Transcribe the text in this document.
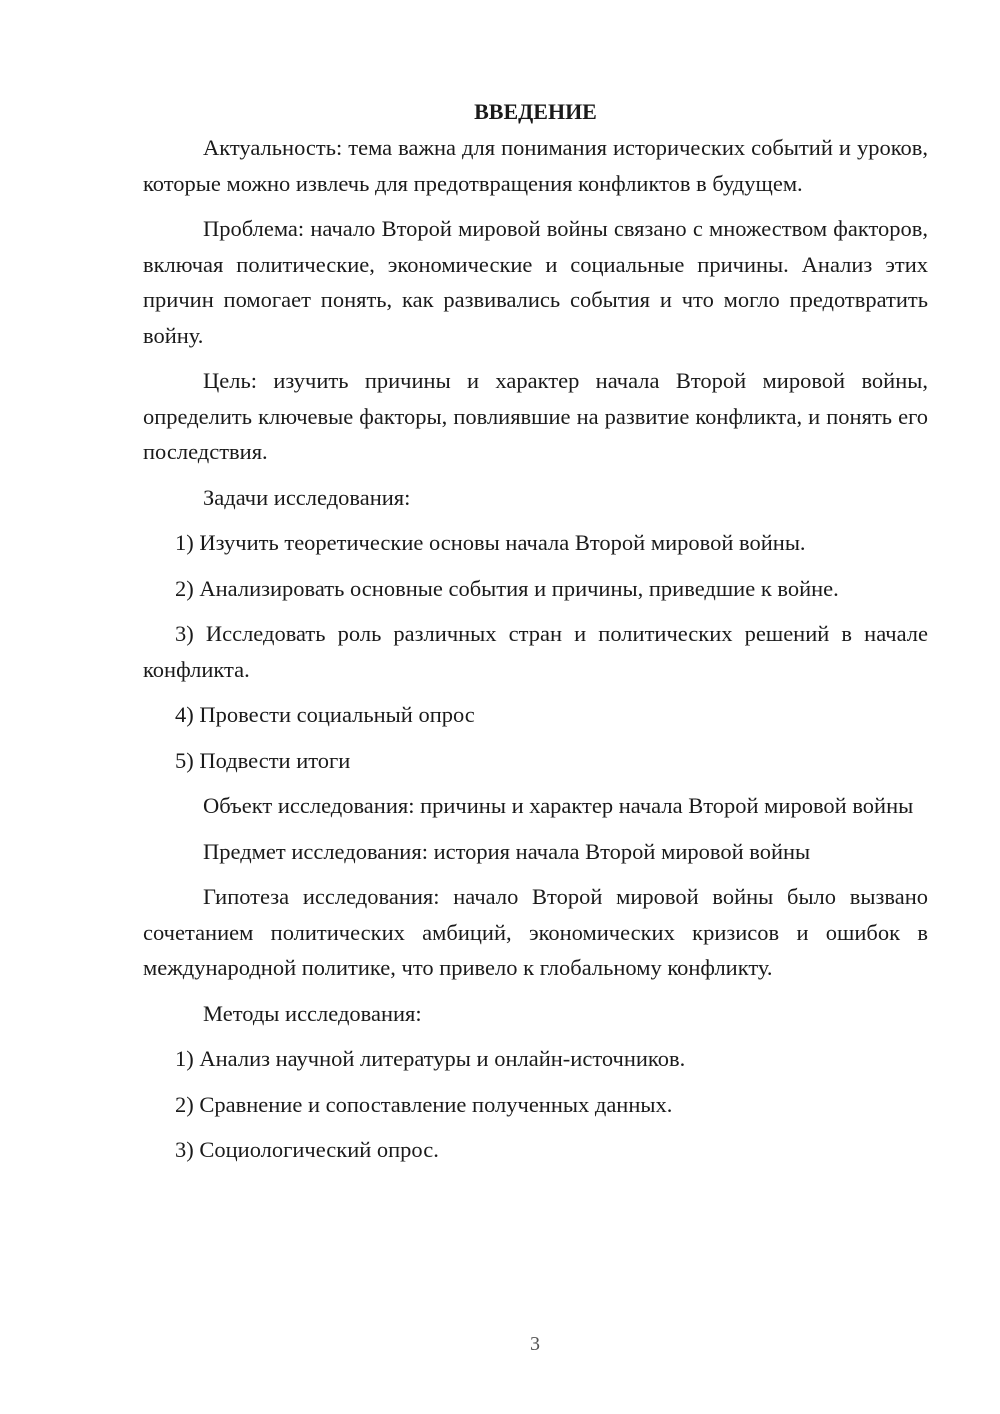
ВВЕДЕНИЕ

Актуальность: тема важна для понимания исторических событий и уроков, которые можно извлечь для предотвращения конфликтов в будущем.

Проблема: начало Второй мировой войны связано с множеством факторов, включая политические, экономические и социальные причины. Анализ этих причин помогает понять, как развивались события и что могло предотвратить войну.

Цель: изучить причины и характер начала Второй мировой войны, определить ключевые факторы, повлиявшие на развитие конфликта, и понять его последствия.

Задачи исследования:

1) Изучить теоретические основы начала Второй мировой войны.

2) Анализировать основные события и причины, приведшие к войне.

3) Исследовать роль различных стран и политических решений в начале конфликта.

4) Провести социальный опрос

5) Подвести итоги

Объект исследования: причины и характер начала Второй мировой войны

Предмет исследования: история начала Второй мировой войны

Гипотеза исследования: начало Второй мировой войны было вызвано сочетанием политических амбиций, экономических кризисов и ошибок в международной политике, что привело к глобальному конфликту.

Методы исследования:

1) Анализ научной литературы и онлайн-источников.

2) Сравнение и сопоставление полученных данных.

3) Социологический опрос.

3
